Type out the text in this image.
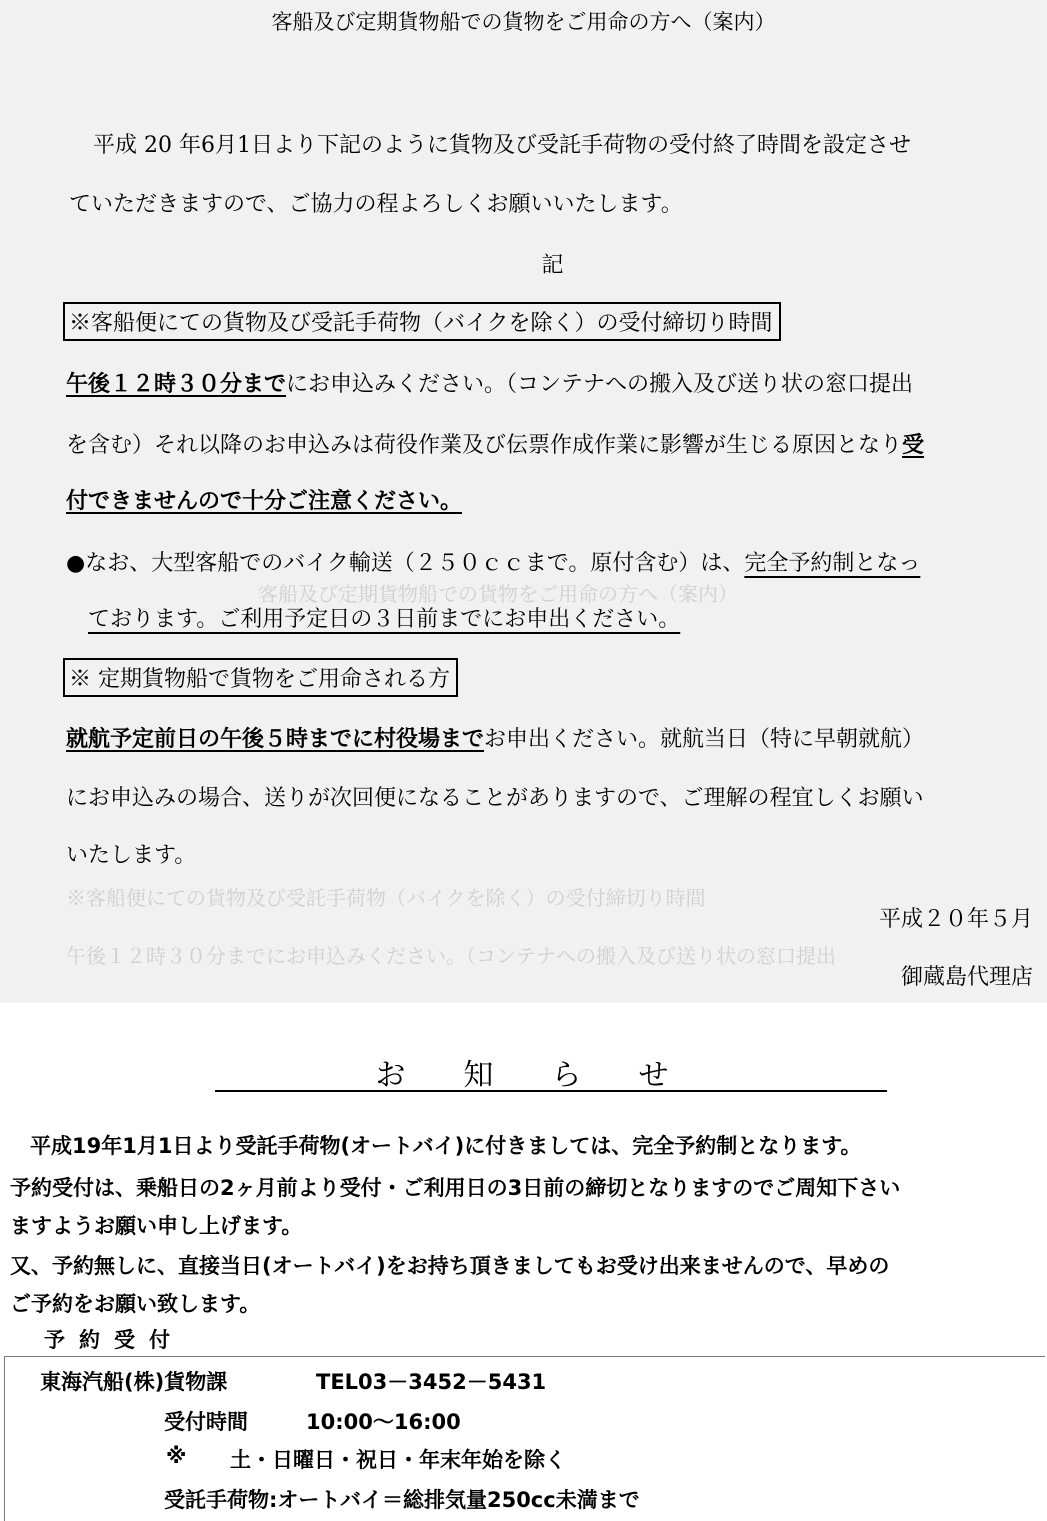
客船及び定期貨物船での貨物をご用命の方へ（案内）
※客船便にての貨物及び受託手荷物（バイクを除く）の受付締切り時間
午後１２時３０分までにお申込みください。（コンテナへの搬入及び送り状の窓口提出
客船及び定期貨物船での貨物をご用命の方へ（案内）
平成 20 年6月1日より下記のように貨物及び受託手荷物の受付終了時間を設定させ
ていただきますので、ご協力の程よろしくお願いいたします。
記
※客船便にての貨物及び受託手荷物（バイクを除く）の受付締切り時間
午後１２時３０分までにお申込みください。（コンテナへの搬入及び送り状の窓口提出
を含む）それ以降のお申込みは荷役作業及び伝票作成作業に影響が生じる原因となり受
付できませんので十分ご注意ください。
●なお、大型客船でのバイク輸送（２５０ｃｃまで。原付含む）は、完全予約制となっ
ております。ご利用予定日の３日前までにお申出ください。
※ 定期貨物船で貨物をご用命される方
就航予定前日の午後５時までに村役場までお申出ください。就航当日（特に早朝就航）
にお申込みの場合、送りが次回便になることがありますので、ご理解の程宜しくお願い
いたします。
平成２０年５月
御蔵島代理店
お知らせ
平成19年1月1日より受託手荷物(オートバイ)に付きましては、完全予約制となります。
予約受付は、乗船日の2ヶ月前より受付・ご利用日の3日前の締切となりますのでご周知下さい
ますようお願い申し上げます。
又、予約無しに、直接当日(オートバイ)をお持ち頂きましてもお受け出来ませんので、早めの
ご予約をお願い致します。
予約受付
東海汽船(株)貨物課	TEL03－3452－5431
受付時間	10:00～16:00
※ 土・日曜日・祝日・年末年始を除く
受託手荷物:オートバイ＝総排気量250cc未満まで
